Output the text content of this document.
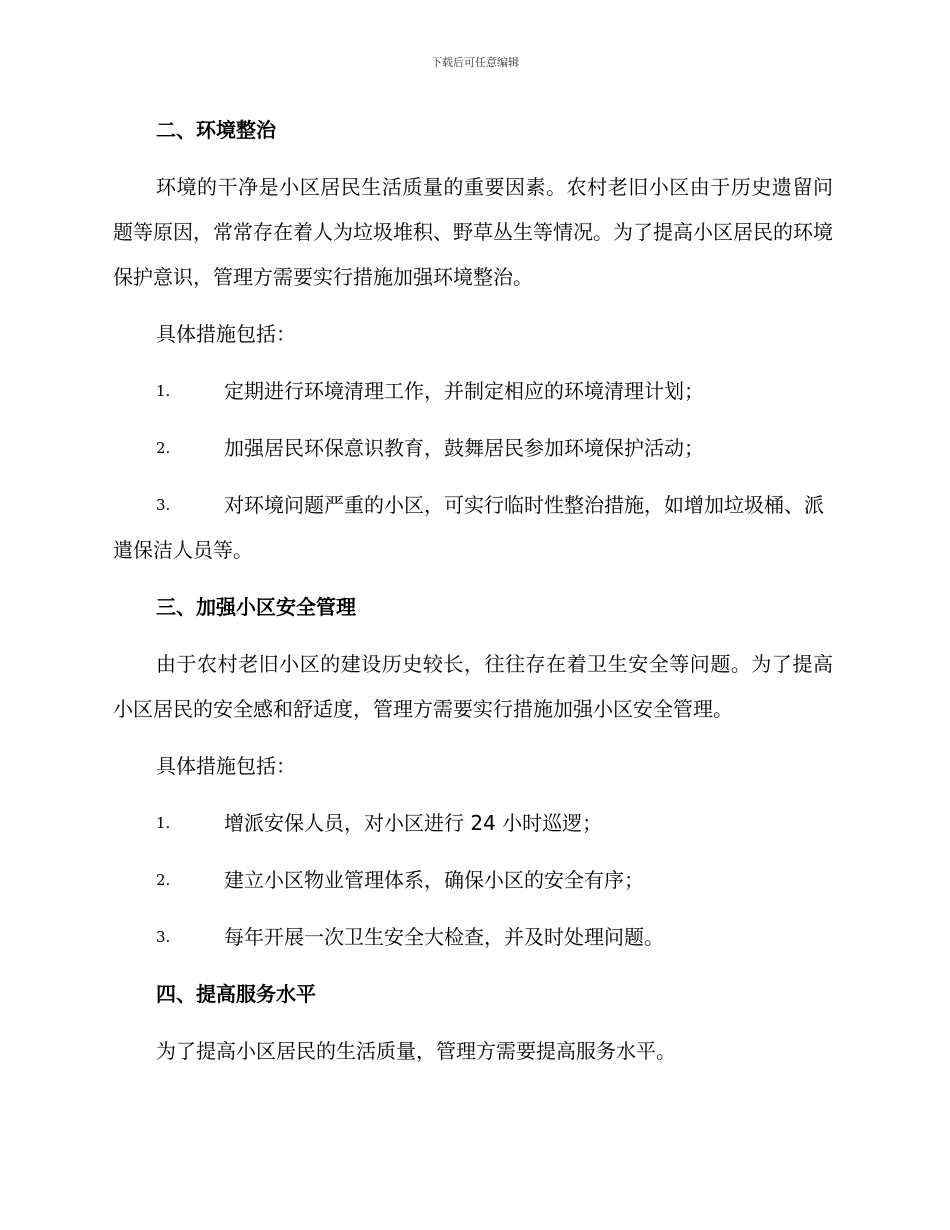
下载后可任意编辑
二、环境整治

环境的干净是小区居民生活质量的重要因素。农村老旧小区由于历史遗留问题等原因，常常存在着人为垃圾堆积、野草丛生等情况。为了提高小区居民的环境保护意识，管理方需要实行措施加强环境整治。

具体措施包括：

1.	定期进行环境清理工作，并制定相应的环境清理计划；
2.	加强居民环保意识教育，鼓舞居民参加环境保护活动；
3.	对环境问题严重的小区，可实行临时性整治措施，如增加垃圾桶、派遣保洁人员等。
三、加强小区安全管理

由于农村老旧小区的建设历史较长，往往存在着卫生安全等问题。为了提高小区居民的安全感和舒适度，管理方需要实行措施加强小区安全管理。

具体措施包括：

1.	增派安保人员，对小区进行 24 小时巡逻；
2.	建立小区物业管理体系，确保小区的安全有序；
3.	每年开展一次卫生安全大检查，并及时处理问题。
四、提高服务水平

为了提高小区居民的生活质量，管理方需要提高服务水平。
